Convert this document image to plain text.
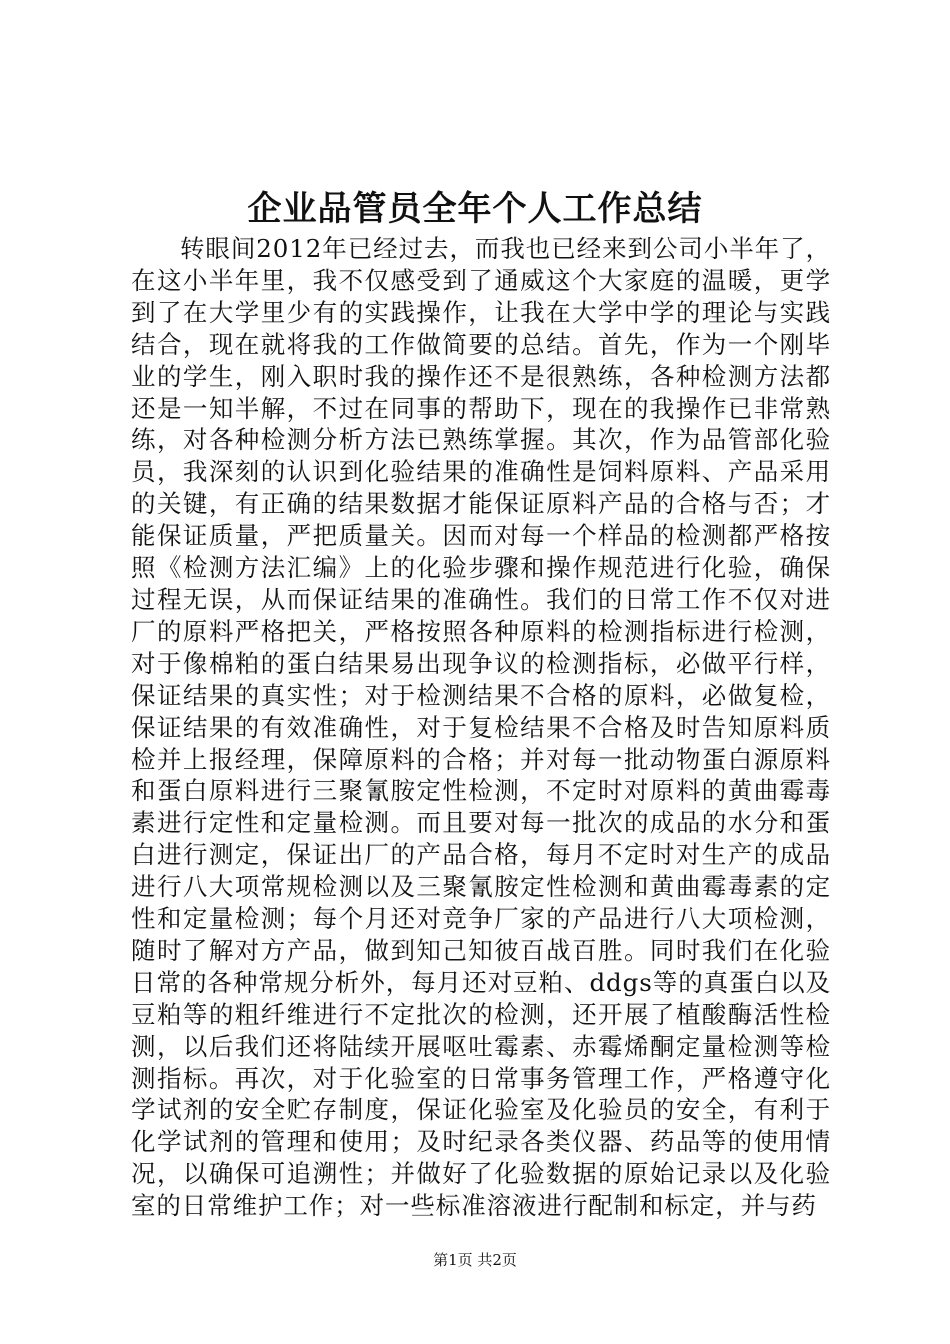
企业品管员全年个人工作总结

转眼间2012年已经过去，而我也已经来到公司小半年了，在这小半年里，我不仅感受到了通威这个大家庭的温暖，更学到了在大学里少有的实践操作，让我在大学中学的理论与实践结合，现在就将我的工作做简要的总结。首先，作为一个刚毕业的学生，刚入职时我的操作还不是很熟练，各种检测方法都还是一知半解，不过在同事的帮助下，现在的我操作已非常熟练，对各种检测分析方法已熟练掌握。其次，作为品管部化验员，我深刻的认识到化验结果的准确性是饲料原料、产品采用的关键，有正确的结果数据才能保证原料产品的合格与否；才能保证质量，严把质量关。因而对每一个样品的检测都严格按照《检测方法汇编》上的化验步骤和操作规范进行化验，确保过程无误，从而保证结果的准确性。我们的日常工作不仅对进厂的原料严格把关，严格按照各种原料的检测指标进行检测，对于像棉粕的蛋白结果易出现争议的检测指标，必做平行样，保证结果的真实性；对于检测结果不合格的原料，必做复检，保证结果的有效准确性，对于复检结果不合格及时告知原料质检并上报经理，保障原料的合格；并对每一批动物蛋白源原料和蛋白原料进行三聚氰胺定性检测，不定时对原料的黄曲霉毒素进行定性和定量检测。而且要对每一批次的成品的水分和蛋白进行测定，保证出厂的产品合格，每月不定时对生产的成品进行八大项常规检测以及三聚氰胺定性检测和黄曲霉毒素的定性和定量检测；每个月还对竞争厂家的产品进行八大项检测，随时了解对方产品，做到知己知彼百战百胜。同时我们在化验日常的各种常规分析外，每月还对豆粕、ddgs等的真蛋白以及豆粕等的粗纤维进行不定批次的检测，还开展了植酸酶活性检测，以后我们还将陆续开展呕吐霉素、赤霉烯酮定量检测等检测指标。再次，对于化验室的日常事务管理工作，严格遵守化学试剂的安全贮存制度，保证化验室及化验员的安全，有利于化学试剂的管理和使用；及时纪录各类仪器、药品等的使用情况，以确保可追溯性；并做好了化验数据的原始记录以及化验室的日常维护工作；对一些标准溶液进行配制和标定，并与药

第1页 共2页
